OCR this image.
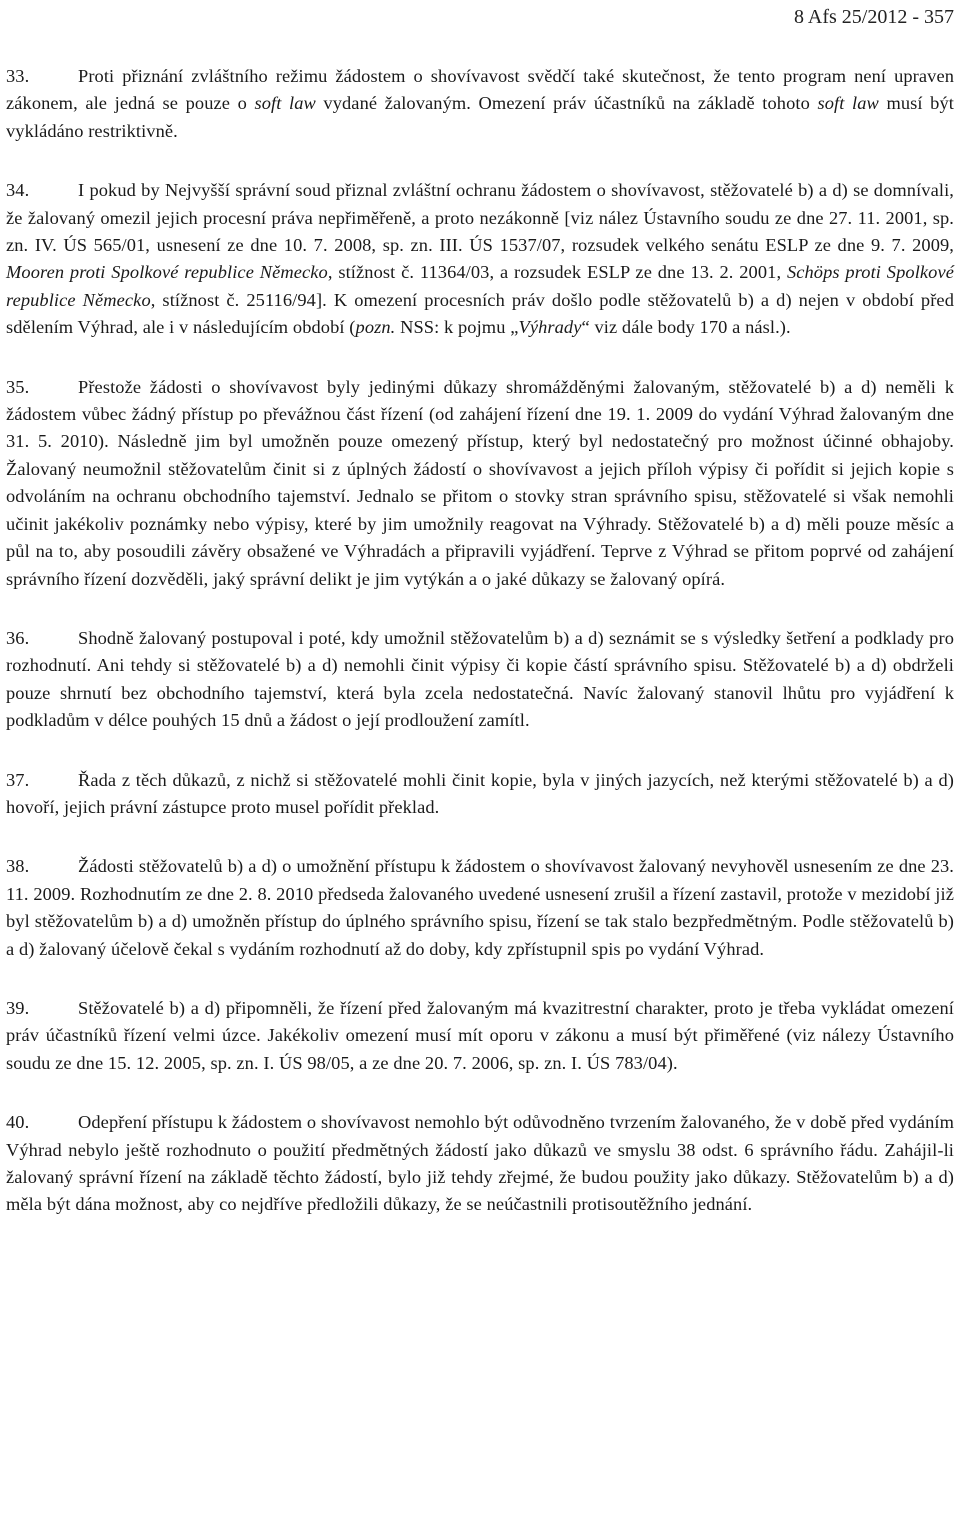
8 Afs 25/2012 - 357

33.	Proti přiznání zvláštního režimu žádostem o shovívavost svědčí také skutečnost, že tento program není upraven zákonem, ale jedná se pouze o soft law vydané žalovaným. Omezení práv účastníků na základě tohoto soft law musí být vykládáno restriktivně.

34.	I pokud by Nejvyšší správní soud přiznal zvláštní ochranu žádostem o shovívavost, stěžovatelé b) a d) se domnívali, že žalovaný omezil jejich procesní práva nepřiměřeně, a proto nezákonně [viz nález Ústavního soudu ze dne 27. 11. 2001, sp. zn. IV. ÚS 565/01, usnesení ze dne 10. 7. 2008, sp. zn. III. ÚS 1537/07, rozsudek velkého senátu ESLP ze dne 9. 7. 2009, Mooren proti Spolkové republice Německo, stížnost č. 11364/03, a rozsudek ESLP ze dne 13. 2. 2001, Schöps proti Spolkové republice Německo, stížnost č. 25116/94]. K omezení procesních práv došlo podle stěžovatelů b) a d) nejen v období před sdělením Výhrad, ale i v následujícím období (pozn. NSS: k pojmu „Výhrady“ viz dále body 170 a násl.).

35.	Přestože žádosti o shovívavost byly jedinými důkazy shromážděnými žalovaným, stěžovatelé b) a d) neměli k žádostem vůbec žádný přístup po převážnou část řízení (od zahájení řízení dne 19. 1. 2009 do vydání Výhrad žalovaným dne 31. 5. 2010). Následně jim byl umožněn pouze omezený přístup, který byl nedostatečný pro možnost účinné obhajoby. Žalovaný neumožnil stěžovatelům činit si z úplných žádostí o shovívavost a jejich příloh výpisy či pořídit si jejich kopie s odvoláním na ochranu obchodního tajemství. Jednalo se přitom o stovky stran správního spisu, stěžovatelé si však nemohli učinit jakékoliv poznámky nebo výpisy, které by jim umožnily reagovat na Výhrady. Stěžovatelé b) a d) měli pouze měsíc a půl na to, aby posoudili závěry obsažené ve Výhradách a připravili vyjádření. Teprve z Výhrad se přitom poprvé od zahájení správního řízení dozvěděli, jaký správní delikt je jim vytýkán a o jaké důkazy se žalovaný opírá.

36.	Shodně žalovaný postupoval i poté, kdy umožnil stěžovatelům b) a d) seznámit se s výsledky šetření a podklady pro rozhodnutí. Ani tehdy si stěžovatelé b) a d) nemohli činit výpisy či kopie částí správního spisu. Stěžovatelé b) a d) obdrželi pouze shrnutí bez obchodního tajemství, která byla zcela nedostatečná. Navíc žalovaný stanovil lhůtu pro vyjádření k podkladům v délce pouhých 15 dnů a žádost o její prodloužení zamítl.

37.	Řada z těch důkazů, z nichž si stěžovatelé mohli činit kopie, byla v jiných jazycích, než kterými stěžovatelé b) a d) hovoří, jejich právní zástupce proto musel pořídit překlad.

38.	Žádosti stěžovatelů b) a d) o umožnění přístupu k žádostem o shovívavost žalovaný nevyhověl usnesením ze dne 23. 11. 2009. Rozhodnutím ze dne 2. 8. 2010 předseda žalovaného uvedené usnesení zrušil a řízení zastavil, protože v mezidobí již byl stěžovatelům b) a d) umožněn přístup do úplného správního spisu, řízení se tak stalo bezpředmětným. Podle stěžovatelů b) a d) žalovaný účelově čekal s vydáním rozhodnutí až do doby, kdy zpřístupnil spis po vydání Výhrad.

39.	Stěžovatelé b) a d) připomněli, že řízení před žalovaným má kvazitrestní charakter, proto je třeba vykládat omezení práv účastníků řízení velmi úzce. Jakékoliv omezení musí mít oporu v zákonu a musí být přiměřené (viz nálezy Ústavního soudu ze dne 15. 12. 2005, sp. zn. I. ÚS 98/05, a ze dne 20. 7. 2006, sp. zn. I. ÚS 783/04).

40.	Odepření přístupu k žádostem o shovívavost nemohlo být odůvodněno tvrzením žalovaného, že v době před vydáním Výhrad nebylo ještě rozhodnuto o použití předmětných žádostí jako důkazů ve smyslu 38 odst. 6 správního řádu. Zahájil-li žalovaný správní řízení na základě těchto žádostí, bylo již tehdy zřejmé, že budou použity jako důkazy. Stěžovatelům b) a d) měla být dána možnost, aby co nejdříve předložili důkazy, že se neúčastnili protisoutěžního jednání.
